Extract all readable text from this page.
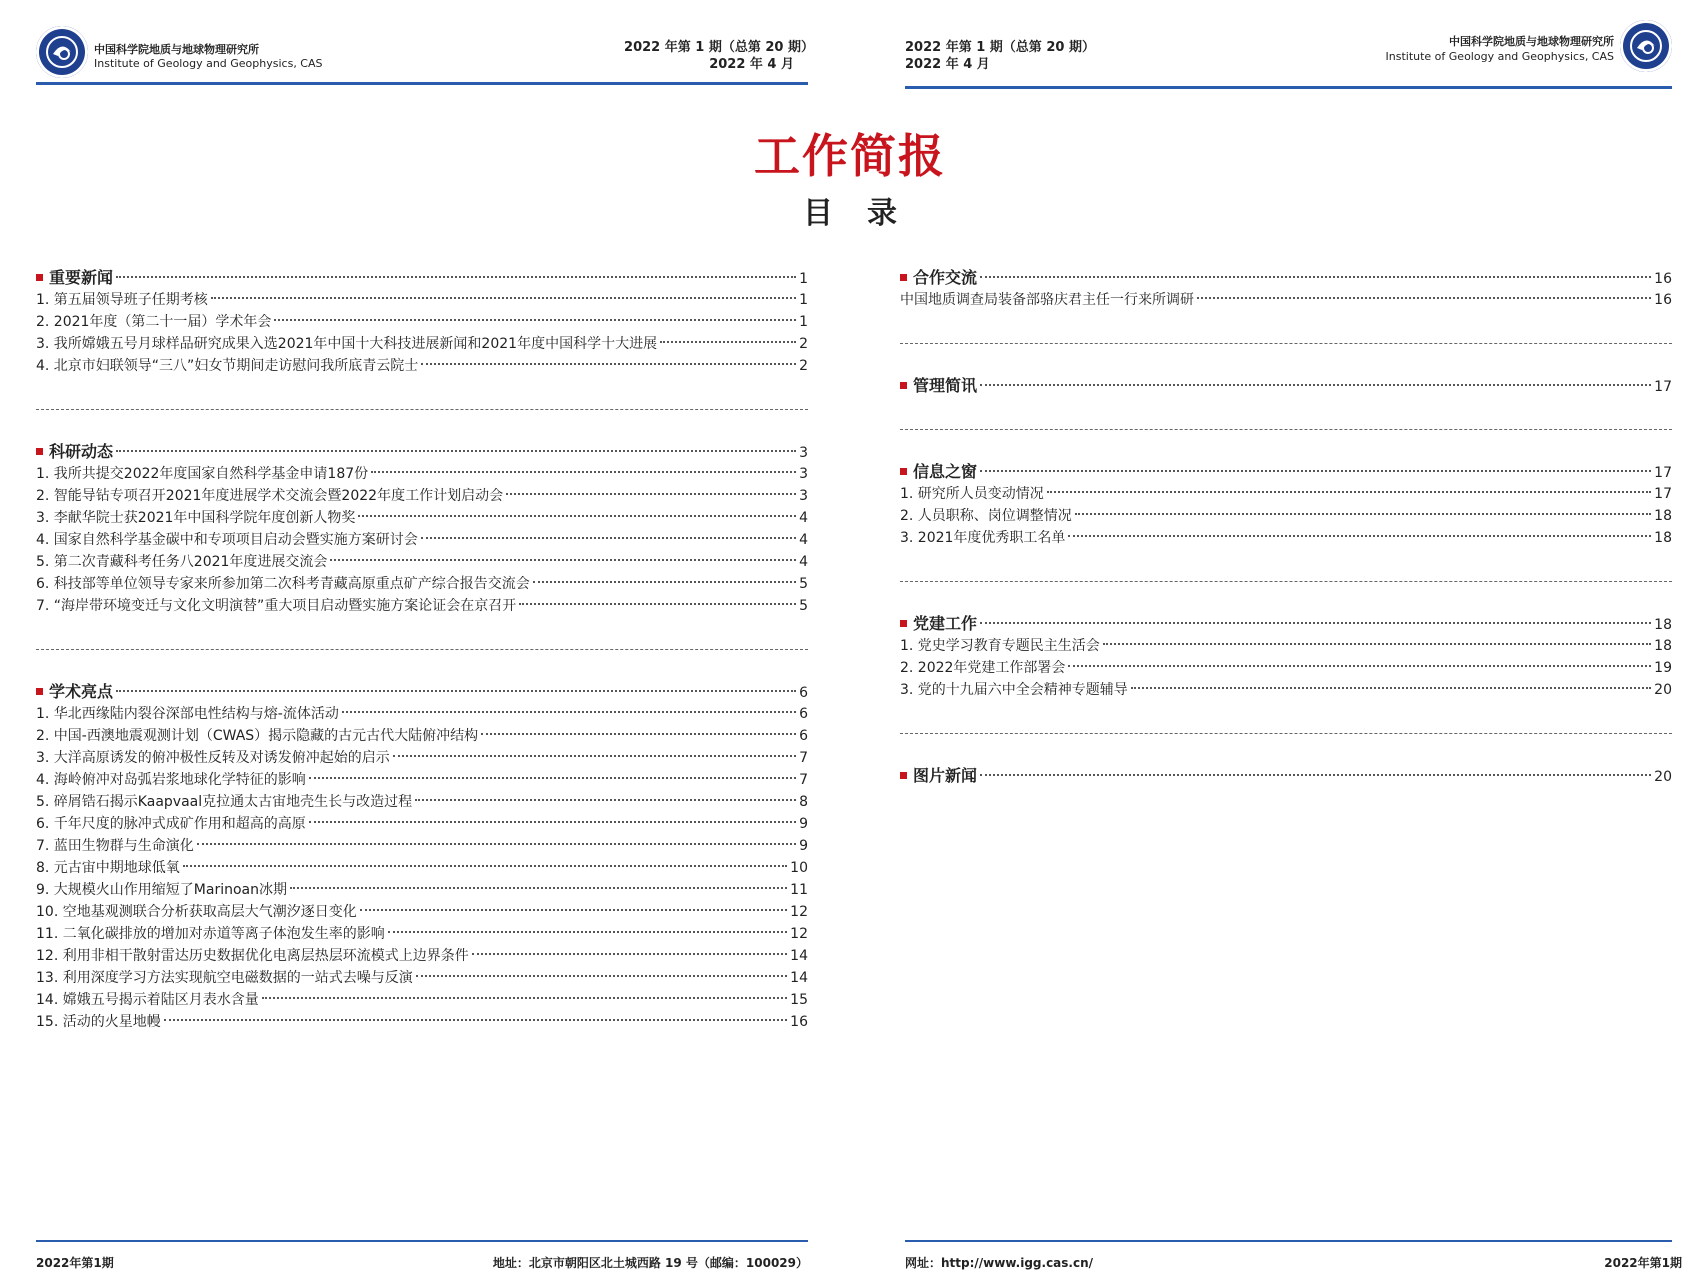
中国科学院地质与地球物理研究所
Institute of Geology and Geophysics, CAS
2022 年第 1 期（总第 20 期）
2022 年 4 月
2022 年第 1 期（总第 20 期）
2022 年 4 月
中国科学院地质与地球物理研究所
Institute of Geology and Geophysics, CAS
工作简报
目录
重要新闻	1
1. 第五届领导班子任期考核	1
2. 2021年度（第二十一届）学术年会	1
3. 我所嫦娥五号月球样品研究成果入选2021年中国十大科技进展新闻和2021年度中国科学十大进展	2
4. 北京市妇联领导“三八”妇女节期间走访慰问我所底青云院士	2
科研动态	3
1. 我所共提交2022年度国家自然科学基金申请187份	3
2. 智能导钻专项召开2021年度进展学术交流会暨2022年度工作计划启动会	3
3. 李献华院士获2021年中国科学院年度创新人物奖	4
4. 国家自然科学基金碳中和专项项目启动会暨实施方案研讨会	4
5. 第二次青藏科考任务八2021年度进展交流会	4
6. 科技部等单位领导专家来所参加第二次科考青藏高原重点矿产综合报告交流会	5
7. “海岸带环境变迁与文化文明演替”重大项目启动暨实施方案论证会在京召开	5
学术亮点	6
1. 华北西缘陆内裂谷深部电性结构与熔-流体活动	6
2. 中国-西澳地震观测计划（CWAS）揭示隐藏的古元古代大陆俯冲结构	6
3. 大洋高原诱发的俯冲极性反转及对诱发俯冲起始的启示	7
4. 海岭俯冲对岛弧岩浆地球化学特征的影响	7
5. 碎屑锆石揭示Kaapvaal克拉通太古宙地壳生长与改造过程	8
6. 千年尺度的脉冲式成矿作用和超高的高原	9
7. 蓝田生物群与生命演化	9
8. 元古宙中期地球低氧	10
9. 大规模火山作用缩短了Marinoan冰期	11
10. 空地基观测联合分析获取高层大气潮汐逐日变化	12
11. 二氧化碳排放的增加对赤道等离子体泡发生率的影响	12
12. 利用非相干散射雷达历史数据优化电离层热层环流模式上边界条件	14
13. 利用深度学习方法实现航空电磁数据的一站式去噪与反演	14
14. 嫦娥五号揭示着陆区月表水含量	15
15. 活动的火星地幔	16
合作交流	16
中国地质调查局装备部骆庆君主任一行来所调研	16
管理简讯	17
信息之窗	17
1. 研究所人员变动情况	17
2. 人员职称、岗位调整情况	18
3. 2021年度优秀职工名单	18
党建工作	18
1. 党史学习教育专题民主生活会	18
2. 2022年党建工作部署会	19
3. 党的十九届六中全会精神专题辅导	20
图片新闻	20
2022年第1期	地址：北京市朝阳区北土城西路 19 号（邮编：100029）	网址：http://www.igg.cas.cn/	2022年第1期
